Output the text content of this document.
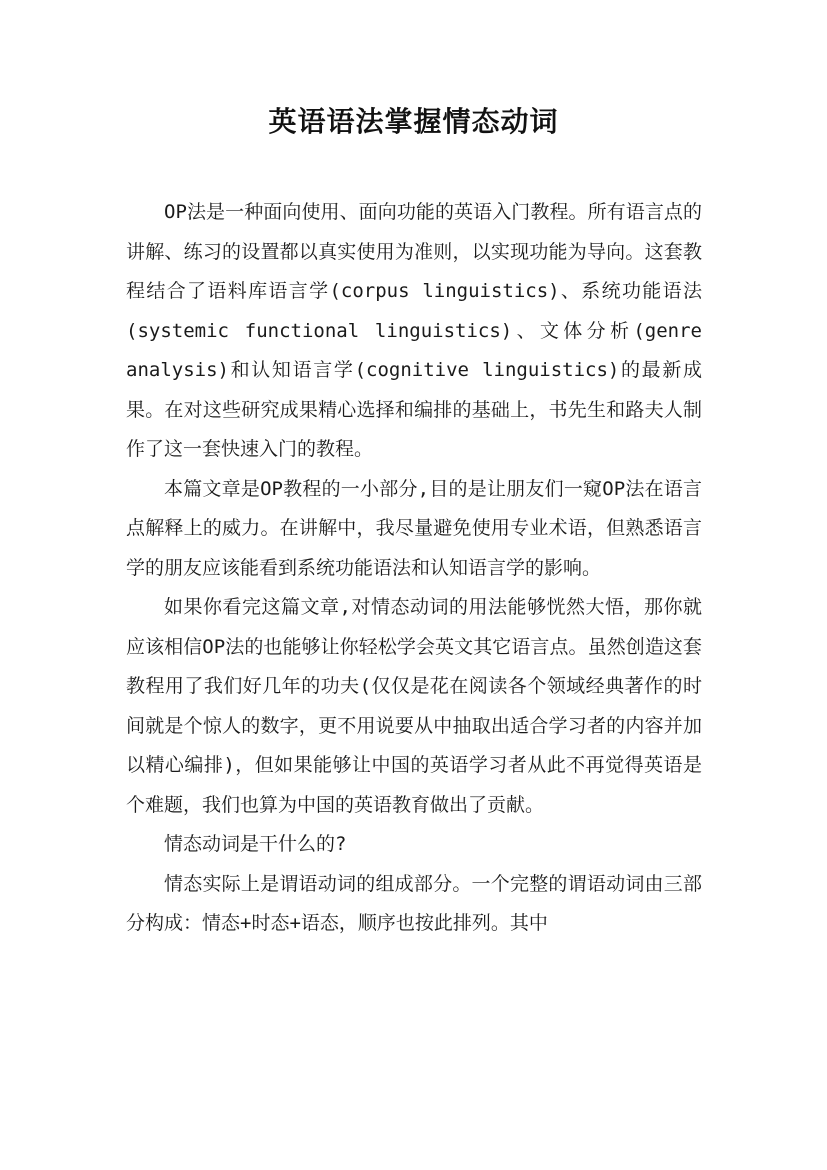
英语语法掌握情态动词

OP法是一种面向使用、面向功能的英语入门教程。所有语言点的讲解、练习的设置都以真实使用为准则，以实现功能为导向。这套教程结合了语料库语言学(corpus linguistics)、系统功能语法(systemic functional linguistics)、文体分析(genre analysis)和认知语言学(cognitive linguistics)的最新成果。在对这些研究成果精心选择和编排的基础上，书先生和路夫人制作了这一套快速入门的教程。

本篇文章是OP教程的一小部分,目的是让朋友们一窥OP法在语言点解释上的威力。在讲解中，我尽量避免使用专业术语，但熟悉语言学的朋友应该能看到系统功能语法和认知语言学的影响。

如果你看完这篇文章,对情态动词的用法能够恍然大悟，那你就应该相信OP法的也能够让你轻松学会英文其它语言点。虽然创造这套教程用了我们好几年的功夫(仅仅是花在阅读各个领域经典著作的时间就是个惊人的数字，更不用说要从中抽取出适合学习者的内容并加以精心编排)，但如果能够让中国的英语学习者从此不再觉得英语是个难题，我们也算为中国的英语教育做出了贡献。

情态动词是干什么的?

情态实际上是谓语动词的组成部分。一个完整的谓语动词由三部分构成：情态+时态+语态，顺序也按此排列。其中
